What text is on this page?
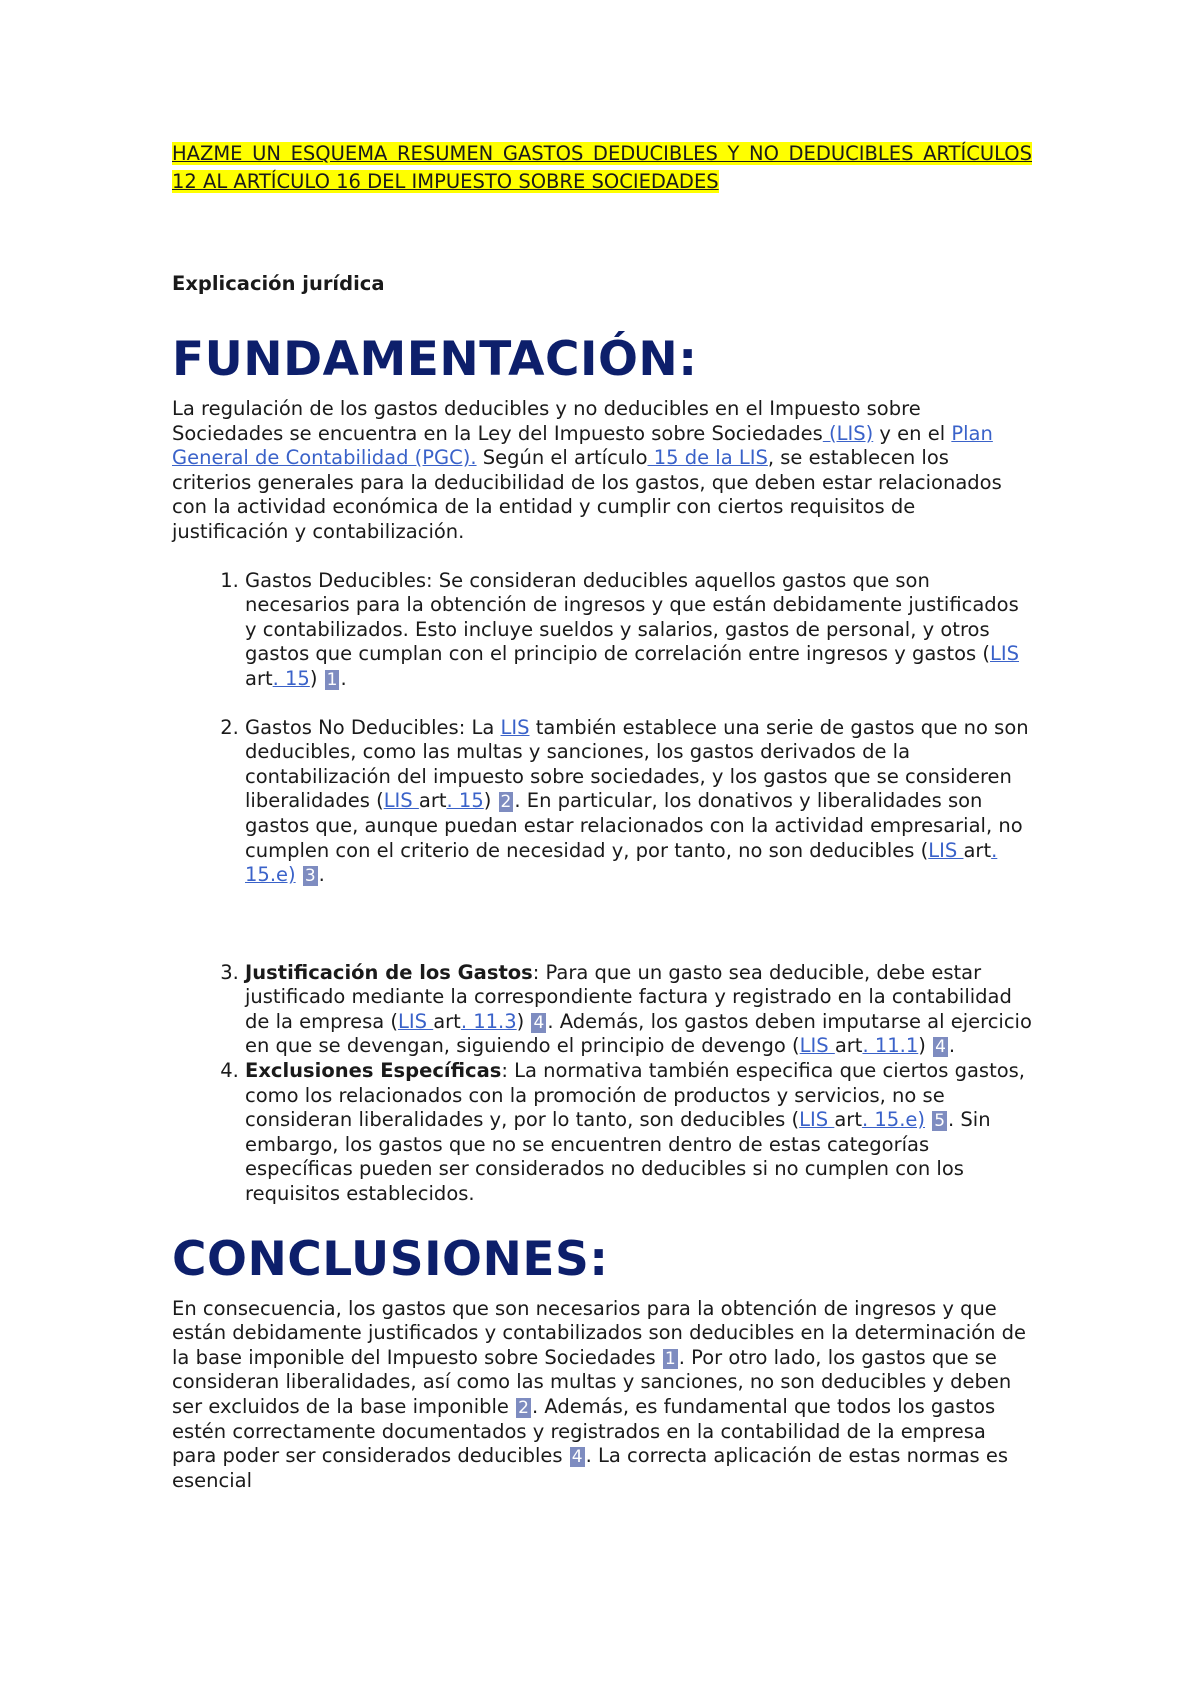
HAZME UN ESQUEMA RESUMEN GASTOS DEDUCIBLES Y NO DEDUCIBLES ARTÍCULOS 12 AL ARTÍCULO 16 DEL IMPUESTO SOBRE SOCIEDADES

Explicación jurídica
FUNDAMENTACIÓN:

La regulación de los gastos deducibles y no deducibles en el Impuesto sobre Sociedades se encuentra en la Ley del Impuesto sobre Sociedades (LIS) y en el Plan General de Contabilidad (PGC). Según el artículo 15 de la LIS, se establecen los criterios generales para la deducibilidad de los gastos, que deben estar relacionados con la actividad económica de la entidad y cumplir con ciertos requisitos de justificación y contabilización.

1. Gastos Deducibles: Se consideran deducibles aquellos gastos que son necesarios para la obtención de ingresos y que están debidamente justificados y contabilizados. Esto incluye sueldos y salarios, gastos de personal, y otros gastos que cumplan con el principio de correlación entre ingresos y gastos (LIS art. 15) 1 .
2. Gastos No Deducibles: La LIS también establece una serie de gastos que no son deducibles, como las multas y sanciones, los gastos derivados de la contabilización del impuesto sobre sociedades, y los gastos que se consideren liberalidades (LIS art. 15) 2 . En particular, los donativos y liberalidades son gastos que, aunque puedan estar relacionados con la actividad empresarial, no cumplen con el criterio de necesidad y, por tanto, no son deducibles (LIS art. 15.e) 3 .
3. Justificación de los Gastos: Para que un gasto sea deducible, debe estar justificado mediante la correspondiente factura y registrado en la contabilidad de la empresa (LIS art. 11.3) 4 . Además, los gastos deben imputarse al ejercicio en que se devengan, siguiendo el principio de devengo (LIS art. 11.1) 4 .
4. Exclusiones Específicas: La normativa también especifica que ciertos gastos, como los relacionados con la promoción de productos y servicios, no se consideran liberalidades y, por lo tanto, son deducibles (LIS art. 15.e) 5 . Sin embargo, los gastos que no se encuentren dentro de estas categorías específicas pueden ser considerados no deducibles si no cumplen con los requisitos establecidos.
CONCLUSIONES:

En consecuencia, los gastos que son necesarios para la obtención de ingresos y que están debidamente justificados y contabilizados son deducibles en la determinación de la base imponible del Impuesto sobre Sociedades 1 . Por otro lado, los gastos que se consideran liberalidades, así como las multas y sanciones, no son deducibles y deben ser excluidos de la base imponible 2 . Además, es fundamental que todos los gastos estén correctamente documentados y registrados en la contabilidad de la empresa para poder ser considerados deducibles 4 . La correcta aplicación de estas normas es esencial
